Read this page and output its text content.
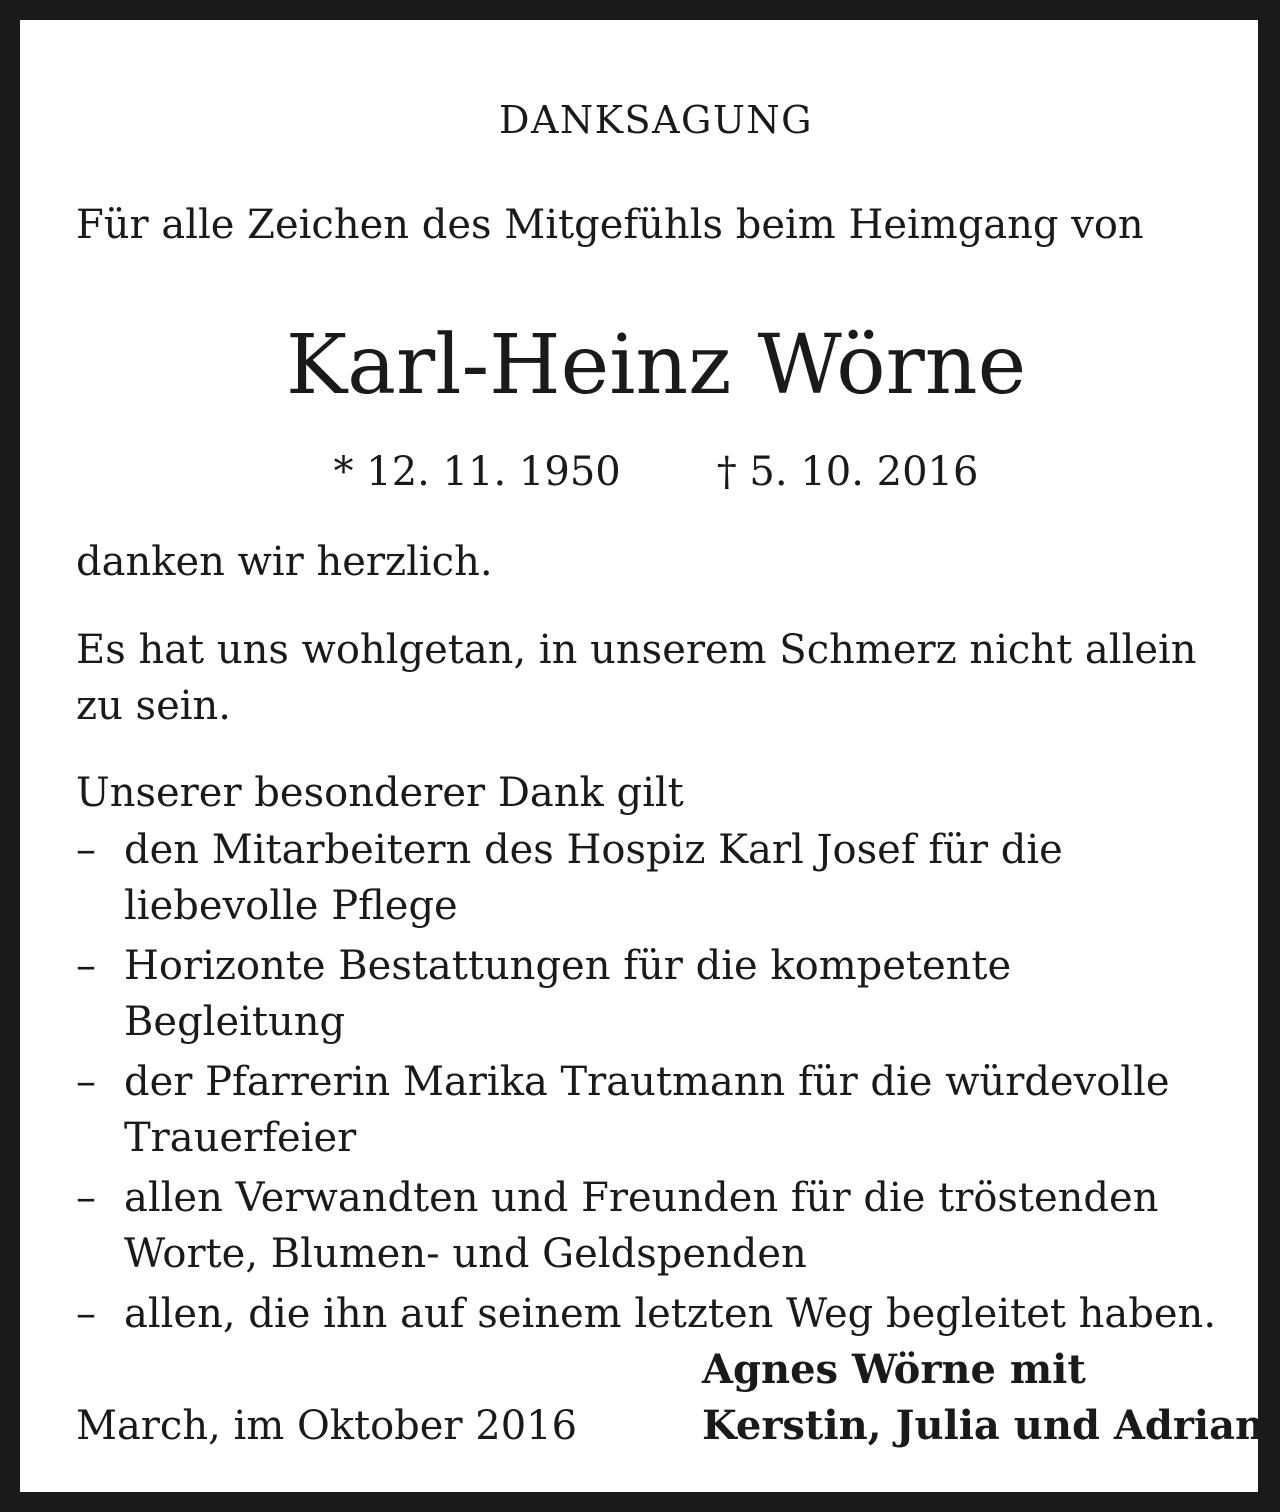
DANKSAGUNG
Für alle Zeichen des Mitgefühls beim Heimgang von
Karl-Heinz Wörne
* 12. 11. 1950 † 5. 10. 2016
danken wir herzlich.
Es hat uns wohlgetan, in unserem Schmerz nicht allein zu sein.
Unserer besonderer Dank gilt
– den Mitarbeitern des Hospiz Karl Josef für die liebevolle Pflege
– Horizonte Bestattungen für die kompetente Begleitung
– der Pfarrerin Marika Trautmann für die würdevolle Trauerfeier
– allen Verwandten und Freunden für die tröstenden Worte, Blumen- und Geldspenden
– allen, die ihn auf seinem letzten Weg begleitet haben.
March, im Oktober 2016
Agnes Wörne mit
Kerstin, Julia und Adrian
